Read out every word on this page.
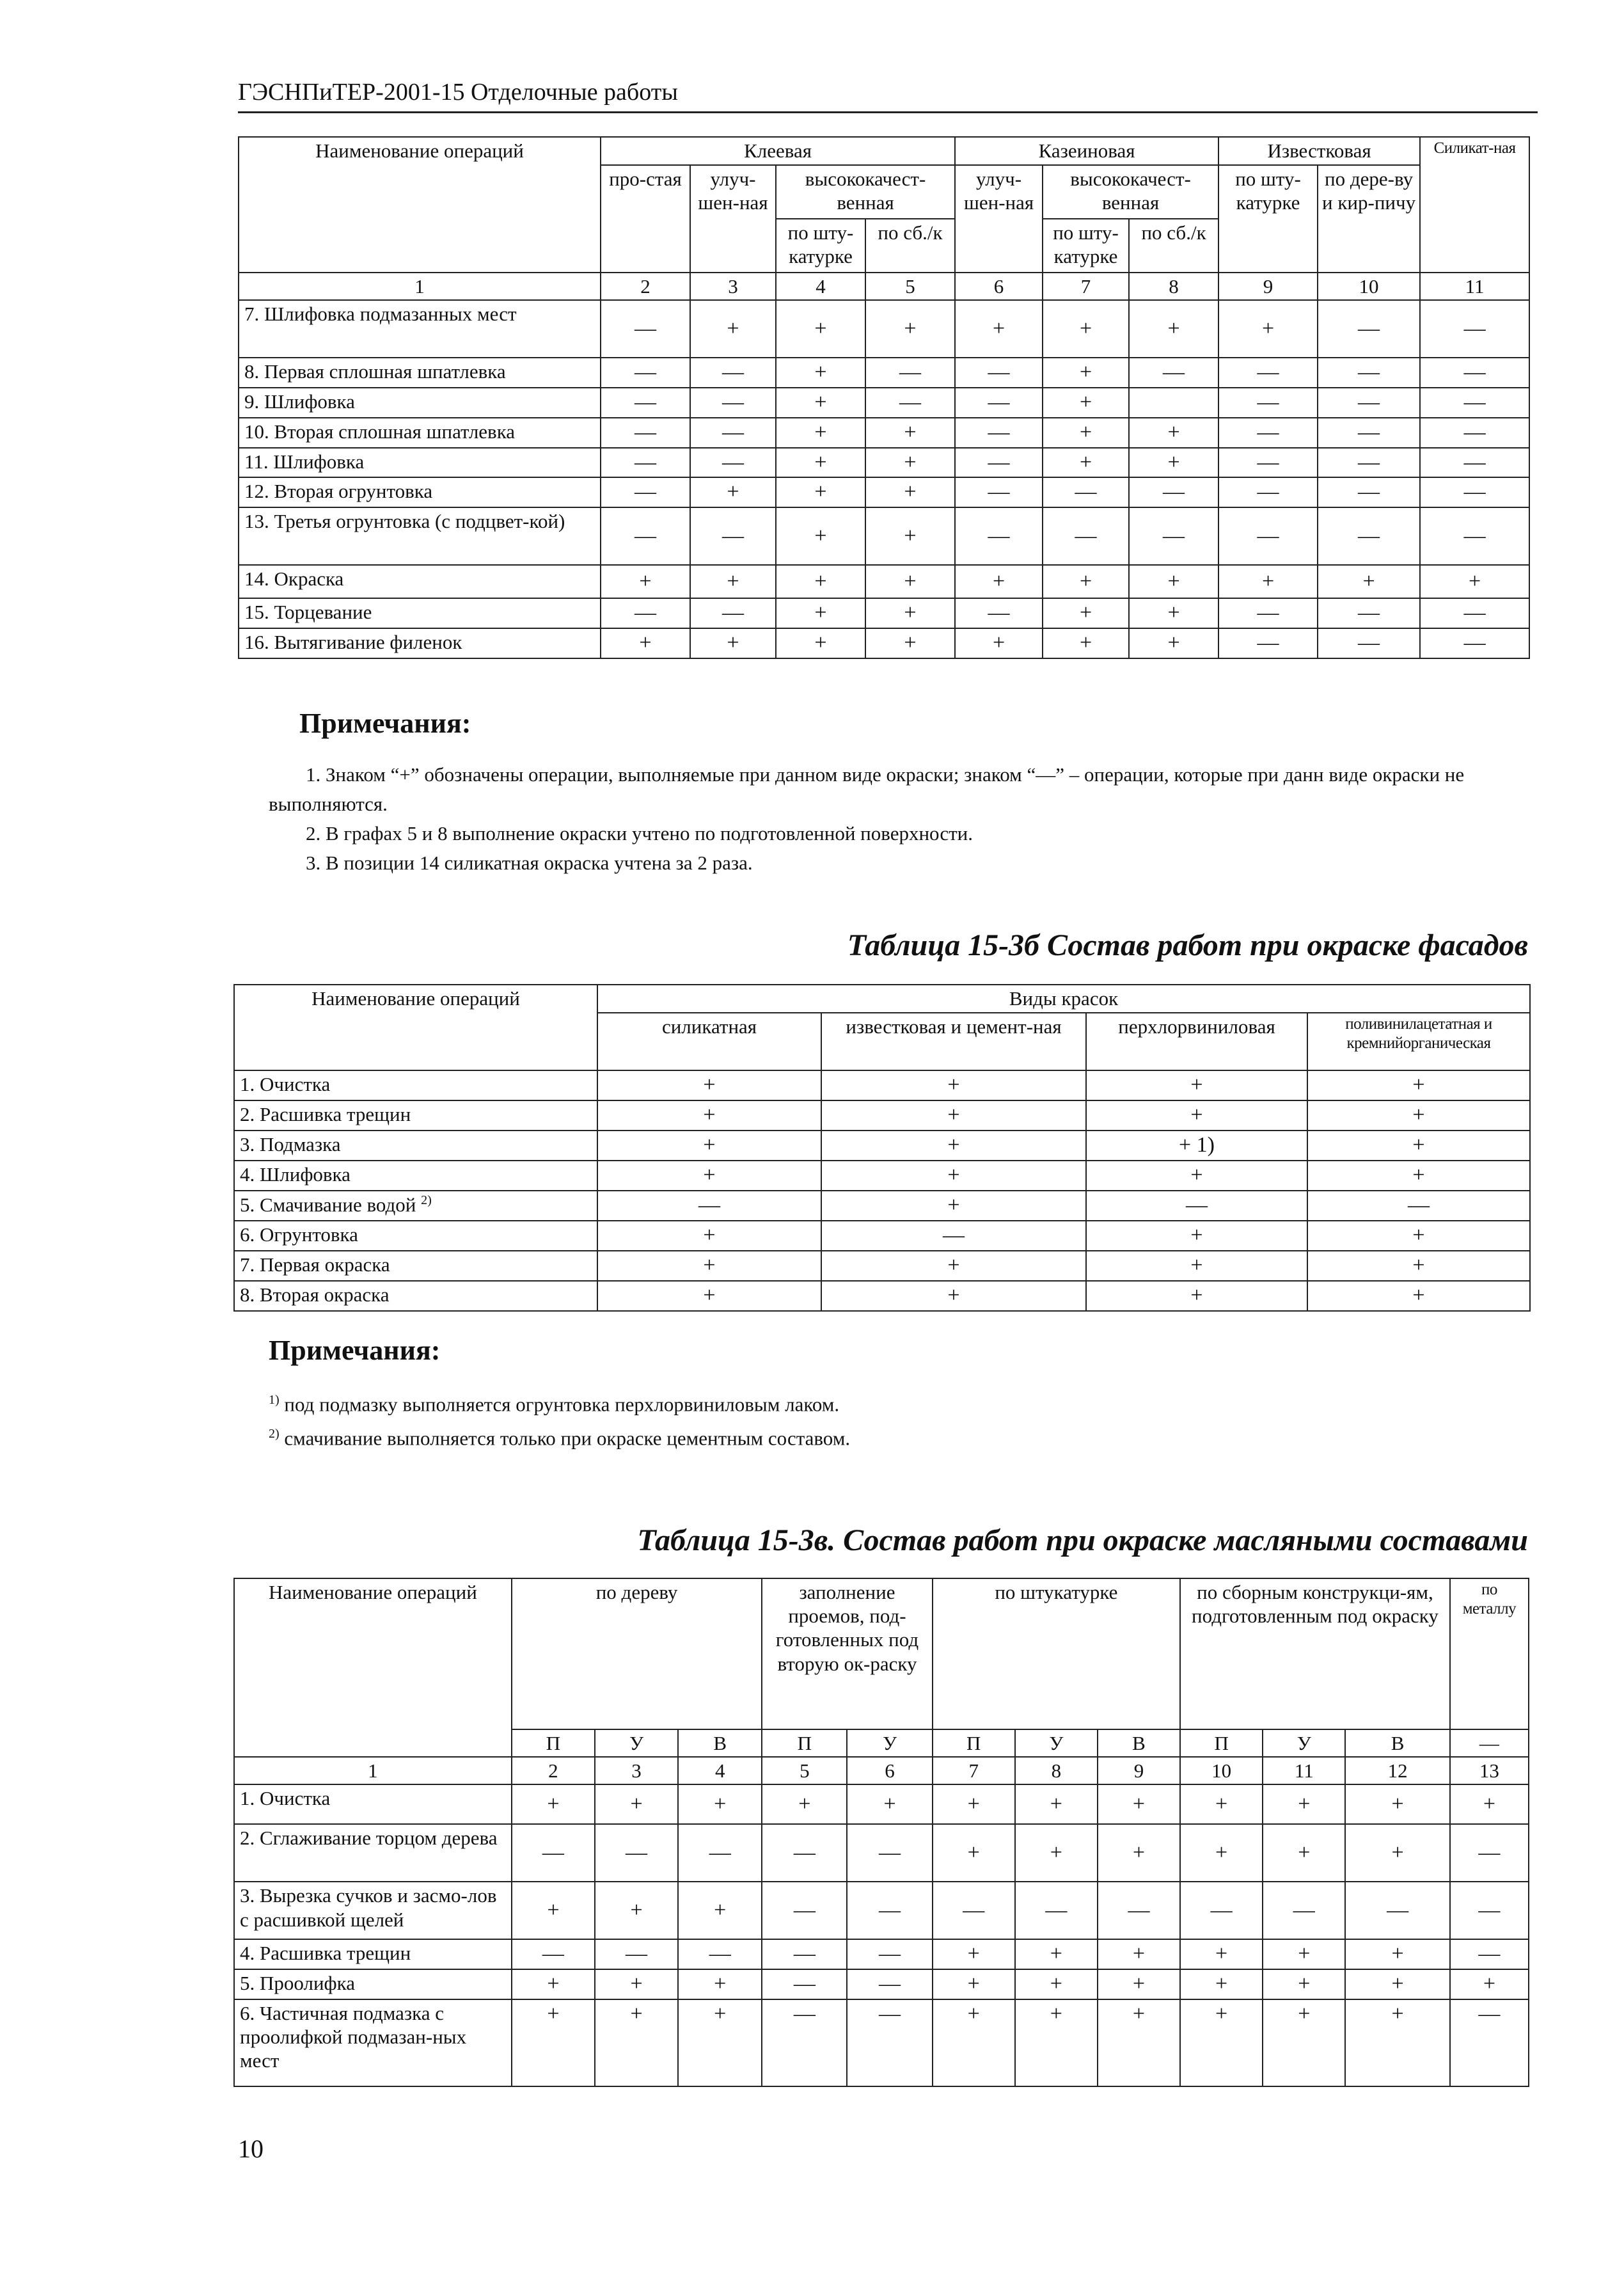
ГЭСНПиТЕР-2001-15 Отделочные работы
Наименование операций	Клеевая				Казеиновая			Известковая		Силикат-ная
	про-стая	улуч-шен-ная	высококачест-венная		улуч-шен-ная	высококачест-венная		по шту-катурке	по дере-ву и кир-пичу	
			по шту-катурке	по сб./к		по шту-катурке	по сб./к			
1	2	3	4	5	6	7	8	9	10	11
7. Шлифовка подмазанных мест	—	+	+	+	+	+	+	+	—	—
8. Первая сплошная шпатлевка	—	—	+	—	—	+	—	—	—	—
9. Шлифовка	—	—	+	—	—	+		—	—	—
10. Вторая сплошная шпатлевка	—	—	+	+	—	+	+	—	—	—
11. Шлифовка	—	—	+	+	—	+	+	—	—	—
12. Вторая огрунтовка	—	+	+	+	—	—	—	—	—	—
13. Третья огрунтовка (с подцвет-кой)	—	—	+	+	—	—	—	—	—	—
14. Окраска	+	+	+	+	+	+	+	+	+	+
15. Торцевание	—	—	+	+	—	+	+	—	—	—
16. Вытягивание филенок	+	+	+	+	+	+	+	—	—	—
Примечания:

1. Знаком “+” обозначены операции, выполняемые при данном виде окраски; знаком “—” – операции, которые при данн виде окраски не выполняются.

2. В графах 5 и 8 выполнение окраски учтено по подготовленной поверхности.

3. В позиции 14 силикатная окраска учтена за 2 раза.

Таблица 15-3б Состав работ при окраске фасадов
Наименование операций	Виды красок			
	силикатная	известковая и цемент-ная	перхлорвиниловая	поливинилацетатная и кремнийорганическая
1. Очистка	+	+	+	+
2. Расшивка трещин	+	+	+	+
3. Подмазка	+	+	+ 1)	+
4. Шлифовка	+	+	+	+
5. Смачивание водой $^{2)}$	—	+	—	—
6. Огрунтовка	+	—	+	+
7. Первая окраска	+	+	+	+
8. Вторая окраска	+	+	+	+
Примечания:

$^{1)}$ под подмазку выполняется огрунтовка перхлорвиниловым лаком.

$^{2)}$ смачивание выполняется только при окраске цементным составом.

Таблица 15-3в. Состав работ при окраске масляными составами
Наименование операций	по дереву			заполнение проемов, под-готовленных под вторую ок-раску		по штукатурке			по сборным конструкци-ям, подготовленным под окраску			по металлу
	П	У	В	П	У	П	У	В	П	У	В	—
1	2	3	4	5	6	7	8	9	10	11	12	13
1. Очистка	+	+	+	+	+	+	+	+	+	+	+	+
2. Сглаживание торцом дерева	—	—	—	—	—	+	+	+	+	+	+	—
3. Вырезка сучков и засмо-лов с расшивкой щелей	+	+	+	—	—	—	—	—	—	—	—	—
4. Расшивка трещин	—	—	—	—	—	+	+	+	+	+	+	—
5. Проолифка	+	+	+	—	—	+	+	+	+	+	+	+
6. Частичная подмазка с проолифкой подмазан-ных мест	+	+	+	—	—	+	+	+	+	+	+	—
10
